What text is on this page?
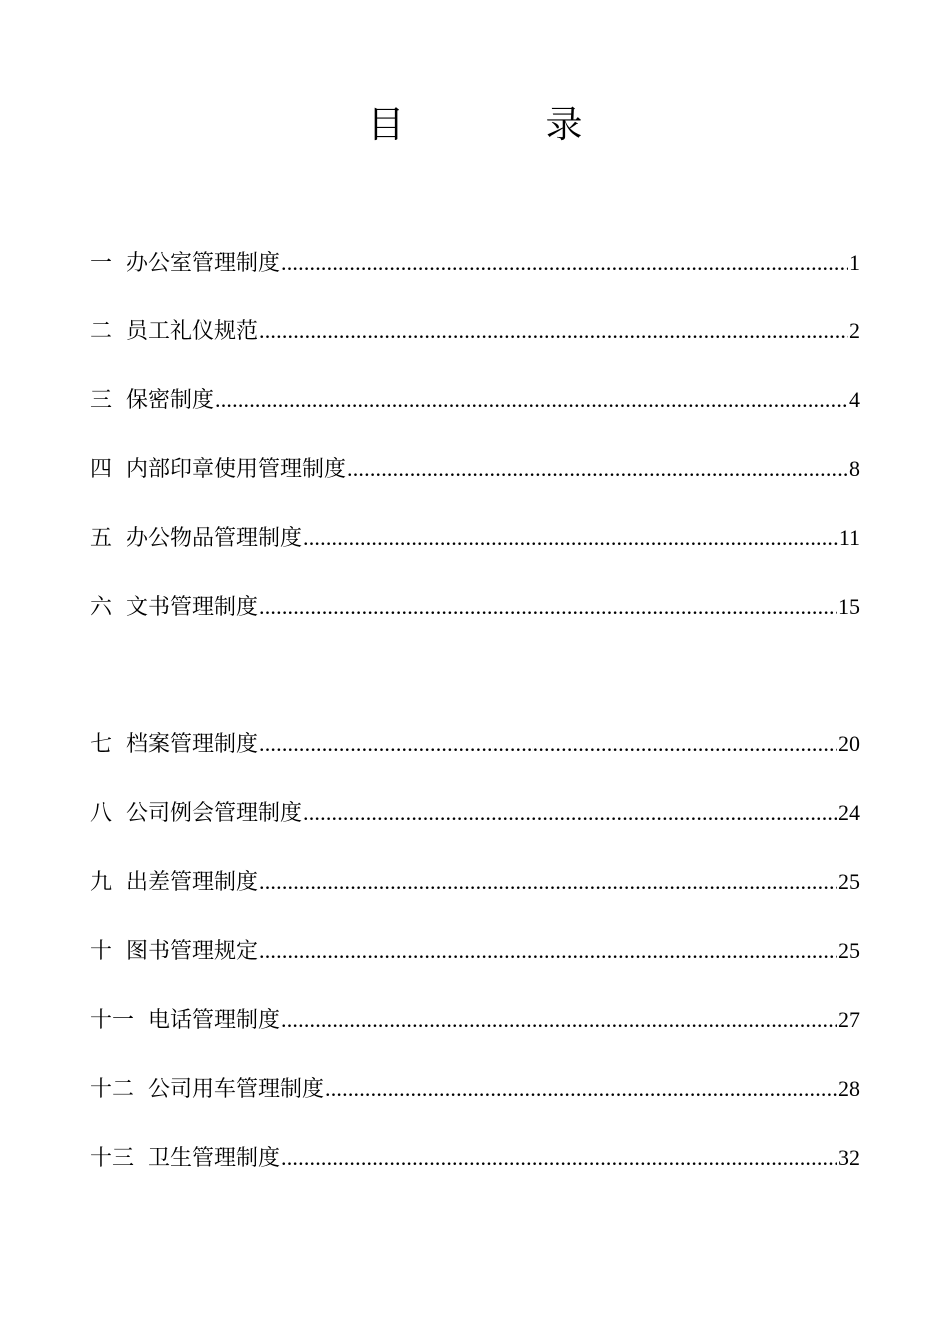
目            录
一 办公室管理制度 .....	1
二 员工礼仪规范 .....	2
三 保密制度 .....	4
四 内部印章使用管理制度 .....	8
五 办公物品管理制度 .....	11
六 文书管理制度 .....	15
七 档案管理制度 .....	20
八 公司例会管理制度 .....	24
九 出差管理制度 .....	25
十 图书管理规定 .....	25
十一 电话管理制度 .....	27
十二 公司用车管理制度 .....	28
十三 卫生管理制度 .....	32
